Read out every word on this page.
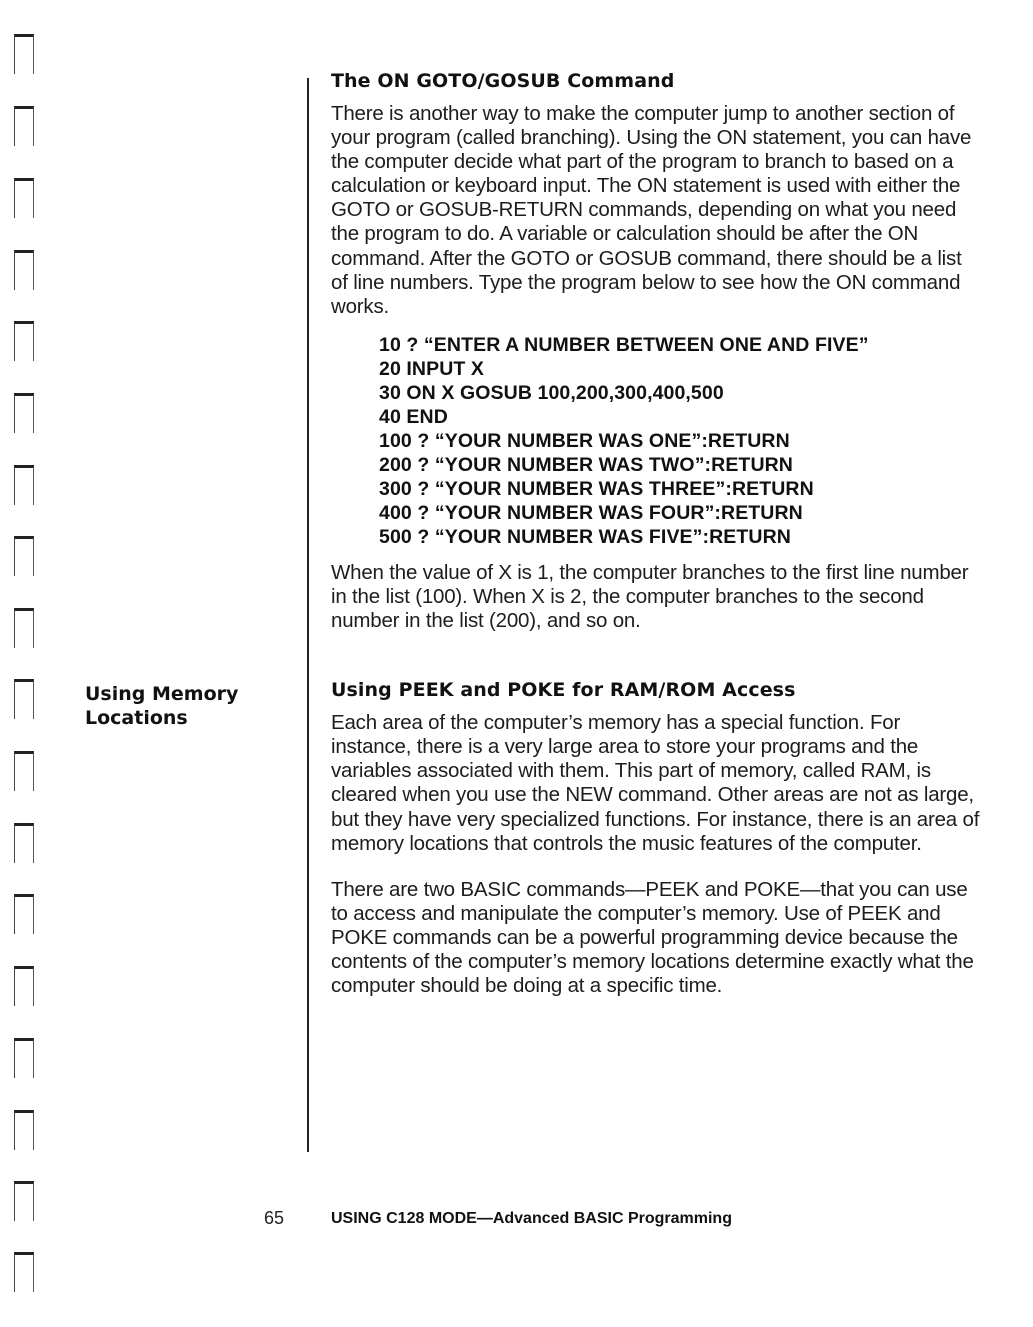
Using Memory
Locations
The ON GOTO/GOSUB Command

There is another way to make the computer jump to another section of your program (called branching). Using the ON statement, you can have the computer decide what part of the program to branch to based on a calculation or keyboard input. The ON statement is used with either the GOTO or GOSUB-RETURN commands, depending on what you need the program to do. A variable or calculation should be after the ON command. After the GOTO or GOSUB command, there should be a list of line numbers. Type the program below to see how the ON command works.

10 ? “ENTER A NUMBER BETWEEN ONE AND FIVE”
20 INPUT X
30 ON X GOSUB 100,200,300,400,500
40 END
100 ? “YOUR NUMBER WAS ONE”:RETURN
200 ? “YOUR NUMBER WAS TWO”:RETURN
300 ? “YOUR NUMBER WAS THREE”:RETURN
400 ? “YOUR NUMBER WAS FOUR”:RETURN
500 ? “YOUR NUMBER WAS FIVE”:RETURN

When the value of X is 1, the computer branches to the first line number in the list (100). When X is 2, the computer branches to the second number in the list (200), and so on.

Using PEEK and POKE for RAM/ROM Access

Each area of the computer’s memory has a special function. For instance, there is a very large area to store your programs and the variables associated with them. This part of memory, called RAM, is cleared when you use the NEW command. Other areas are not as large, but they have very specialized functions. For instance, there is an area of memory locations that controls the music features of the computer.

There are two BASIC commands—PEEK and POKE—that you can use to access and manipulate the computer’s memory. Use of PEEK and POKE commands can be a powerful programming device because the contents of the computer’s memory locations determine exactly what the computer should be doing at a specific time.

65	USING C128 MODE—Advanced BASIC Programming
